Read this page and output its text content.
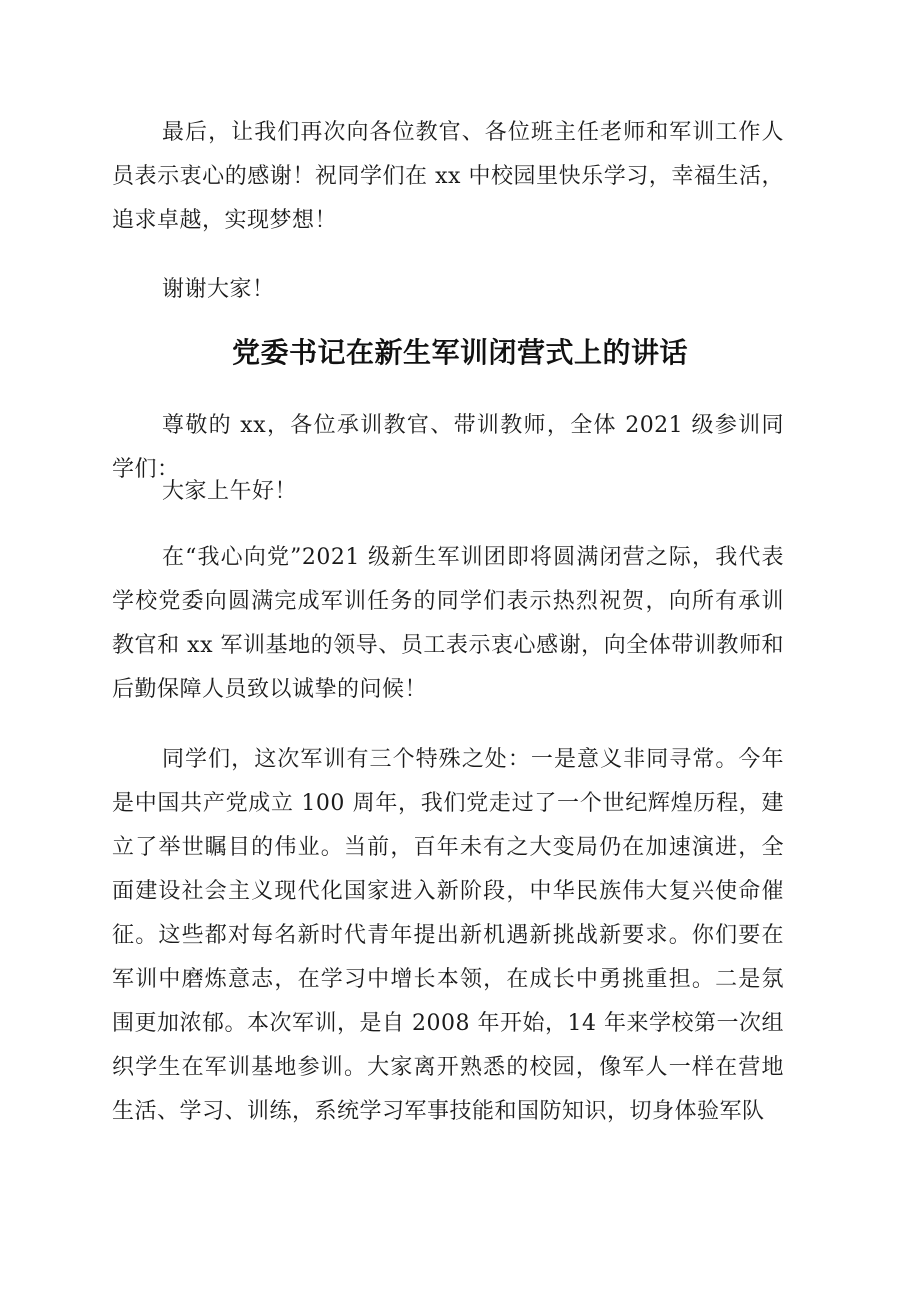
最后，让我们再次向各位教官、各位班主任老师和军训工作人员表示衷心的感谢！祝同学们在 xx 中校园里快乐学习，幸福生活，追求卓越，实现梦想！

谢谢大家！

党委书记在新生军训闭营式上的讲话

尊敬的 xx，各位承训教官、带训教师，全体 2021 级参训同学们：

大家上午好！

在“我心向党”2021 级新生军训团即将圆满闭营之际，我代表学校党委向圆满完成军训任务的同学们表示热烈祝贺，向所有承训教官和 xx 军训基地的领导、员工表示衷心感谢，向全体带训教师和后勤保障人员致以诚挚的问候！

同学们，这次军训有三个特殊之处：一是意义非同寻常。今年是中国共产党成立 100 周年，我们党走过了一个世纪辉煌历程，建立了举世瞩目的伟业。当前，百年未有之大变局仍在加速演进，全面建设社会主义现代化国家进入新阶段，中华民族伟大复兴使命催征。这些都对每名新时代青年提出新机遇新挑战新要求。你们要在军训中磨炼意志，在学习中增长本领，在成长中勇挑重担。二是氛围更加浓郁。本次军训，是自 2008 年开始，14 年来学校第一次组织学生在军训基地参训。大家离开熟悉的校园，像军人一样在营地生活、学习、训练，系统学习军事技能和国防知识，切身体验军队
